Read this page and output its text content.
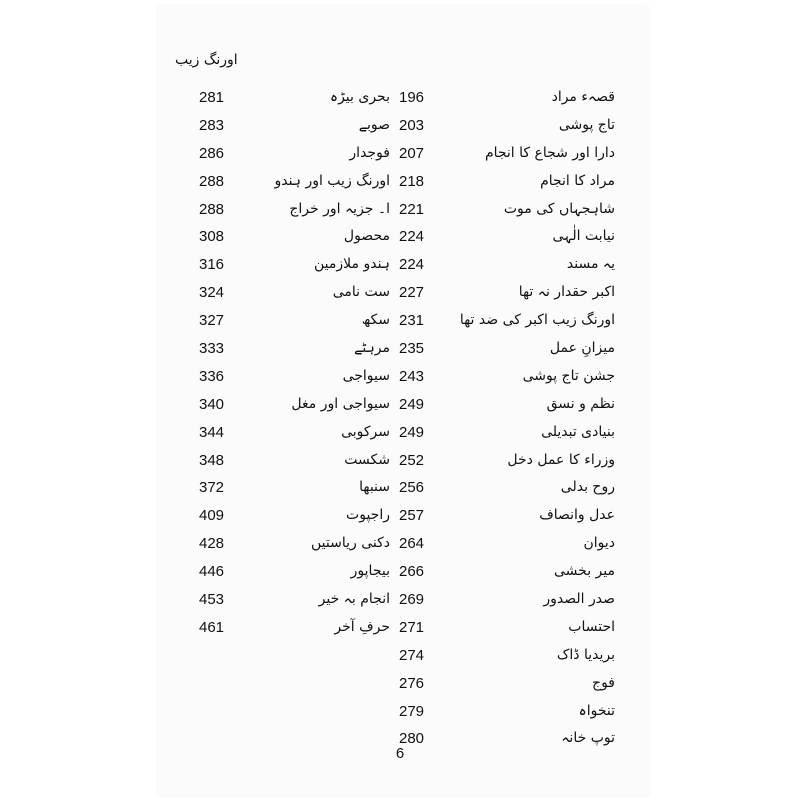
اورنگ زیب
281
283
286
288
288
308
316
324
327
333
336
340
344
348
372
409
428
446
453
461
بحری بیڑہ
صوبے
فوجدار
اورنگ زیب اور ہندو
ا۔ جزیہ اور خراج
محصول
ہندو ملازمین
ست نامی
سکھ
مرہٹے
سیواجی
سیواجی اور مغل
سرکوبی
شکست
سنبھا
راجپوت
دکنی ریاستیں
بیجاپور
انجام بہ خیر
حرفِ آخر
196
203
207
218
221
224
224
227
231
235
243
249
249
252
256
257
264
266
269
271
274
276
279
280
قصہء مراد
تاج پوشی
دارا اور شجاع کا انجام
مراد کا انجام
شاہجہاں کی موت
نیابت الٰہی
یہ مسند
اکبر حقدار نہ تھا
اورنگ زیب اکبر کی ضد تھا
میزانِ عمل
جشن تاج پوشی
نظم و نسق
بنیادی تبدیلی
وزراء کا عمل دخل
روح بدلی
عدل وانصاف
دیوان
میر بخشی
صدر الصدور
احتساب
بریدیا ڈاک
فوج
تنخواہ
توپ خانہ
6
